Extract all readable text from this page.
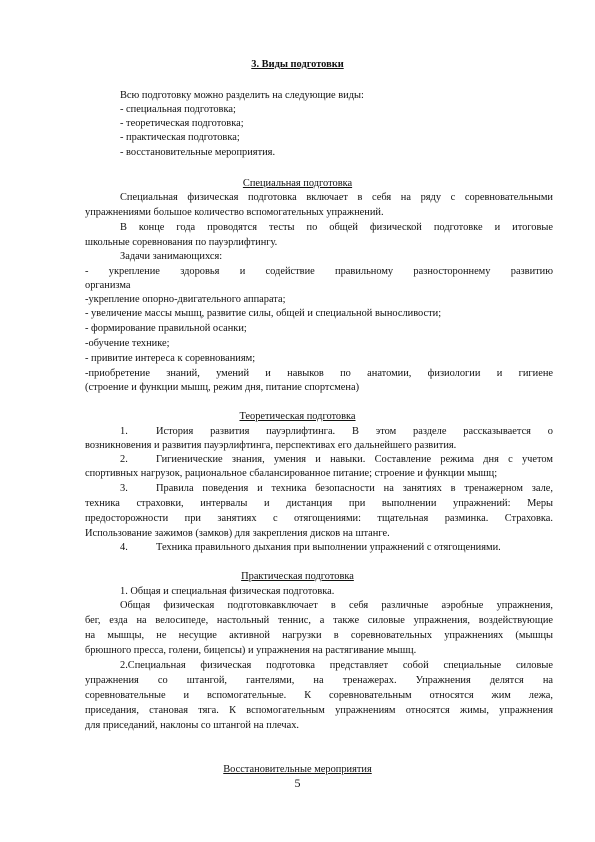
3. Виды подготовки
Всю подготовку можно разделить на следующие виды:
- специальная подготовка;
- теоретическая подготовка;
- практическая подготовка;
- восстановительные мероприятия.
Специальная подготовка
Специальная физическая подготовка включает в себя на ряду с соревновательными
упражнениями большое количество вспомогательных упражнений.
В конце года проводятся тесты по общей физической подготовке и итоговые
школьные соревнования по пауэрлифтингу.
Задачи занимающихся:
- укрепление здоровья и содействие правильному разностороннему развитию
организма
-укрепление опорно-двигательного аппарата;
- увеличение массы мышц, развитие силы, общей и специальной выносливости;
- формирование правильной осанки;
-обучение технике;
- привитие интереса к соревнованиям;
-приобретение знаний, умений и навыков по анатомии, физиологии и гигиене
(строение и функции мышц, режим дня, питание спортсмена)
Теоретическая подготовка
1.	История развития пауэрлифтинга. В этом разделе рассказывается о
возникновения и развития пауэрлифтинга, перспективах его дальнейшего развития.
2.	Гигиенические знания, умения и навыки. Составление режима дня с учетом
спортивных нагрузок, рациональное сбалансированное питание; строение и функции мышц;
3.	Правила поведения и техника безопасности на занятиях в тренажерном зале,
техника страховки, интервалы и дистанция при выполнении упражнений: Меры
предосторожности при занятиях с отягощениями: тщательная разминка. Страховка.
Использование зажимов (замков) для закрепления дисков на штанге.
4.	Техника правильного дыхания при выполнении упражнений с отягощениями.
Практическая подготовка
1. Общая и специальная физическая подготовка.
Общая физическая подготовкавключает в себя различные аэробные упражнения,
бег, езда на велосипеде, настольный теннис, а также силовые упражнения, воздействующие
на мышцы, не несущие активной нагрузки в соревновательных упражнениях (мышцы
брюшного пресса, голени, бицепсы) и упражнения на растягивание мышц.
2.Специальная физическая подготовка представляет собой специальные силовые
упражнения со штангой, гантелями, на тренажерах. Упражнения делятся на
соревновательные и вспомогательные. К соревновательным относятся жим лежа,
приседания, становая тяга. К вспомогательным упражнениям относятся жимы, упражнения
для приседаний, наклоны со штангой на плечах.
Восстановительные мероприятия
5
